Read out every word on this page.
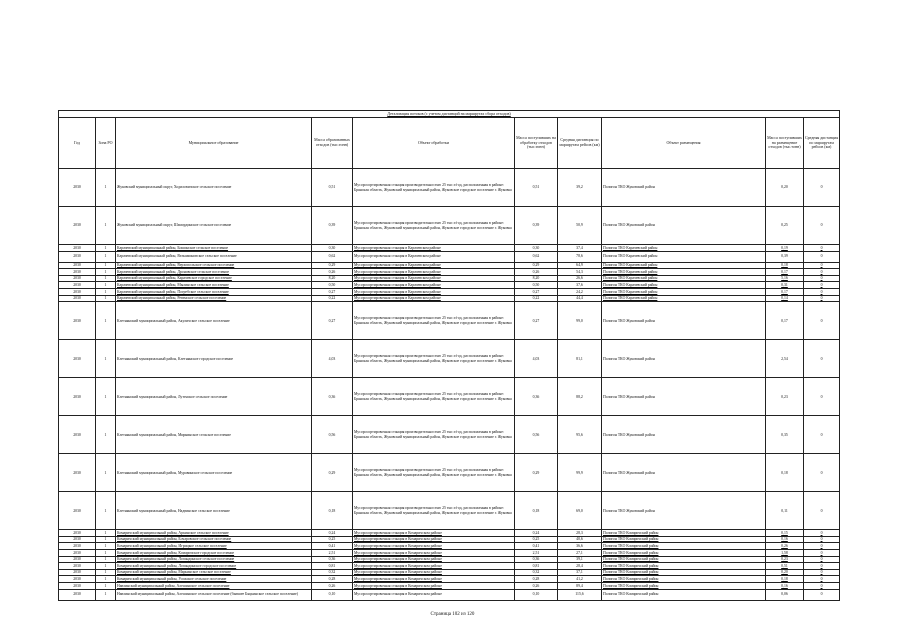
Детализация потоков (с учетом дистанций на маршрутах сбора отходов)									
Год	Зона РО	Муниципальное образование	Масса образованных отходов (тыс.тонн)	Объект обработки	Масса поступивших на обработку отходов (тыс.тонн)	Средняя дистанция по маршрутам рейсов (км)	Объект размещения	Масса поступивших на размещение отходов (тыс.тонн)	Средняя дистанция по маршрутам рейсов (км)
2030	1	Жуковский муниципальный округ, Ходиловичское сельское поселение	0,51	Мусоросортировочная станция производительностью 25 тыс.т/год, расположенная в районе: Брянская область, Жуковский муниципальный район, Жуковское городское поселение г. Жуковка	0,51	39,2	Полигон ТКО Жуковский район	0,20	0
2030	1	Жуковский муниципальный округ, Шамординское сельское поселение	0,39	Мусоросортировочная станция производительностью 25 тыс.т/год, расположенная в районе: Брянская область, Жуковский муниципальный район, Жуковское городское поселение г. Жуковка	0,39	50,9	Полигон ТКО Жуковский район	0,25	0
2030	1	Карачевский муниципальный район, Бошинское сельское поселение	0,30	Мусоросортировочная станция в Карачевском районе	0,30	37,4	Полигон ТКО Карачевский район	0,19	0
2030	1	Карачевский муниципальный район, Вельяминовское сельское поселение	0,62	Мусоросортировочная станция в Карачевском районе	0,62	78,6	Полигон ТКО Карачевский район	0,39	0
2030	1	Карачевский муниципальный район, Верхопольское сельское поселение	0,29	Мусоросортировочная станция в Карачевском районе	0,29	64,9	Полигон ТКО Карачевский район	0,18	0
2030	1	Карачевский муниципальный район, Дроновское сельское поселение	0,26	Мусоросортировочная станция в Карачевском районе	0,26	54,3	Полигон ТКО Карачевский район	0,17	0
2030	1	Карачевский муниципальный район, Карачевское городское поселение	8,20	Мусоросортировочная станция в Карачевском районе	8,20	26,6	Полигон ТКО Карачевский район	5,16	0
2030	1	Карачевский муниципальный район, Мылинское сельское поселение	0,50	Мусоросортировочная станция в Карачевском районе	0,50	37,6	Полигон ТКО Карачевский район	0,31	0
2030	1	Карачевский муниципальный район, Погребское сельское поселение	0,27	Мусоросортировочная станция в Карачевском районе	0,27	24,2	Полигон ТКО Карачевский район	0,17	0
2030	1	Карачевский муниципальный район, Ревенское сельское поселение	0,22	Мусоросортировочная станция в Карачевском районе	0,22	44,4	Полигон ТКО Карачевский район	0,14	0
2030	1	Клетнянский муниципальный район, Акуличское сельское поселение	0,27	Мусоросортировочная станция производительностью 25 тыс.т/год, расположенная в районе: Брянская область, Жуковский муниципальный район, Жуковское городское поселение г. Жуковка	0,27	99,0	Полигон ТКО Жуковский район	0,17	0
2030	1	Клетнянский муниципальный район, Клетнянское городское поселение	4,03	Мусоросортировочная станция производительностью 25 тыс.т/год, расположенная в районе: Брянская область, Жуковский муниципальный район, Жуковское городское поселение г. Жуковка	4,03	81,1	Полигон ТКО Жуковский район	2,54	0
2030	1	Клетнянский муниципальный район, Лутенское сельское поселение	0,36	Мусоросортировочная станция производительностью 25 тыс.т/год, расположенная в районе: Брянская область, Жуковский муниципальный район, Жуковское городское поселение г. Жуковка	0,36	88,2	Полигон ТКО Жуковский район	0,23	0
2030	1	Клетнянский муниципальный район, Мирнинское сельское поселение	0,56	Мусоросортировочная станция производительностью 25 тыс.т/год, расположенная в районе: Брянская область, Жуковский муниципальный район, Жуковское городское поселение г. Жуковка	0,56	95,6	Полигон ТКО Жуковский район	0,35	0
2030	1	Клетнянский муниципальный район, Муравинское сельское поселение	0,29	Мусоросортировочная станция производительностью 25 тыс.т/год, расположенная в районе: Брянская область, Жуковский муниципальный район, Жуковское городское поселение г. Жуковка	0,29	99,9	Полигон ТКО Жуковский район	0,18	0
2030	1	Клетнянский муниципальный район, Надвинское сельское поселение	0,18	Мусоросортировочная станция производительностью 25 тыс.т/год, расположенная в районе: Брянская область, Жуковский муниципальный район, Жуковское городское поселение г. Жуковка	0,18	69,0	Полигон ТКО Жуковский район	0,11	0
2030	1	Комаричский муниципальный район, Аркинское сельское поселение	0,24	Мусоросортировочная станция в Комаричском районе	0,24	28,3	Полигон ТКО Комаричский район	0,15	0
2030	1	Комаричский муниципальный район, Бочаровское сельское поселение	0,25	Мусоросортировочная станция в Комаричском районе	0,25	40,6	Полигон ТКО Комаричский район	0,16	0
2030	1	Комаричский муниципальный район, Игрицкое сельское поселение	0,41	Мусоросортировочная станция в Комаричском районе	0,41	36,6	Полигон ТКО Комаричский район	0,26	0
2030	1	Комаричский муниципальный район, Комаричское городское поселение	2,51	Мусоросортировочная станция в Комаричском районе	2,51	27,1	Полигон ТКО Комаричский район	1,58	0
2030	1	Комаричский муниципальный район, Лопандинское сельское поселение	0,36	Мусоросортировочная станция в Комаричском районе	0,36	39,1	Полигон ТКО Комаричский район	0,23	0
2030	1	Комаричский муниципальный район, Лопандинское городское поселение	0,81	Мусоросортировочная станция в Комаричском районе	0,81	28,4	Полигон ТКО Комаричский район	0,51	0
2030	1	Комаричский муниципальный район, Марьинское сельское поселение	0,32	Мусоросортировочная станция в Комаричском районе	0,32	37,1	Полигон ТКО Комаричский район	0,20	0
2030	1	Комаричский муниципальный район, Усожское сельское поселение	0,28	Мусоросортировочная станция в Комаричском районе	0,28	41,2	Полигон ТКО Комаричский район	0,18	0
2030	1	Навлинский муниципальный район, Алешинское сельское поселение	0,26	Мусоросортировочная станция в Комаричском районе	0,26	89,4	Полигон ТКО Комаричский район	0,16	0
2030	1	Навлинский муниципальный район, Алешинское сельское поселение (бывшее Бяцкинское сельское поселение)	0,10	Мусоросортировочная станция в Комаричском районе	0,10	115,6	Полигон ТКО Комаричский район	0,06	0
Страница 102 из 120
